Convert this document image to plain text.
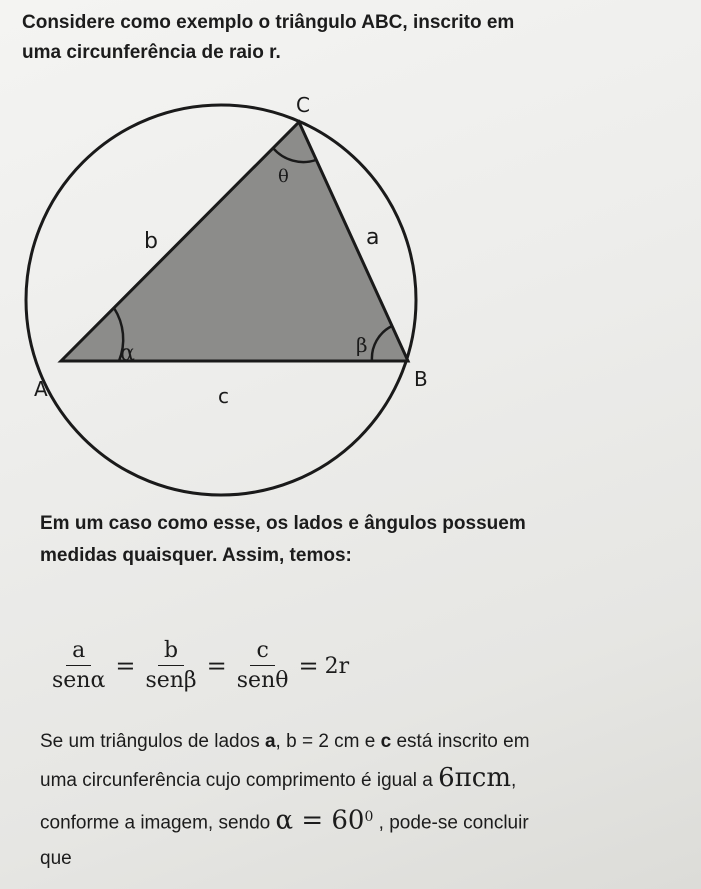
Considere como exemplo o triângulo ABC, inscrito em
uma circunferência de raio r.
C
A	B
b	a
c
α	β
θ
Em um caso como esse, os lados e ângulos possuem
medidas quaisquer. Assim, temos:
$\frac{a}{\text{senα}} = \frac{b}{\text{senβ}} = \frac{c}{\text{senθ}} = 2r$
Se um triângulos de lados a, b = 2 cm e c está inscrito em
uma circunferência cujo comprimento é igual a 6πcm,
conforme a imagem, sendo $\alpha = 60^0$ , pode-se concluir
que
